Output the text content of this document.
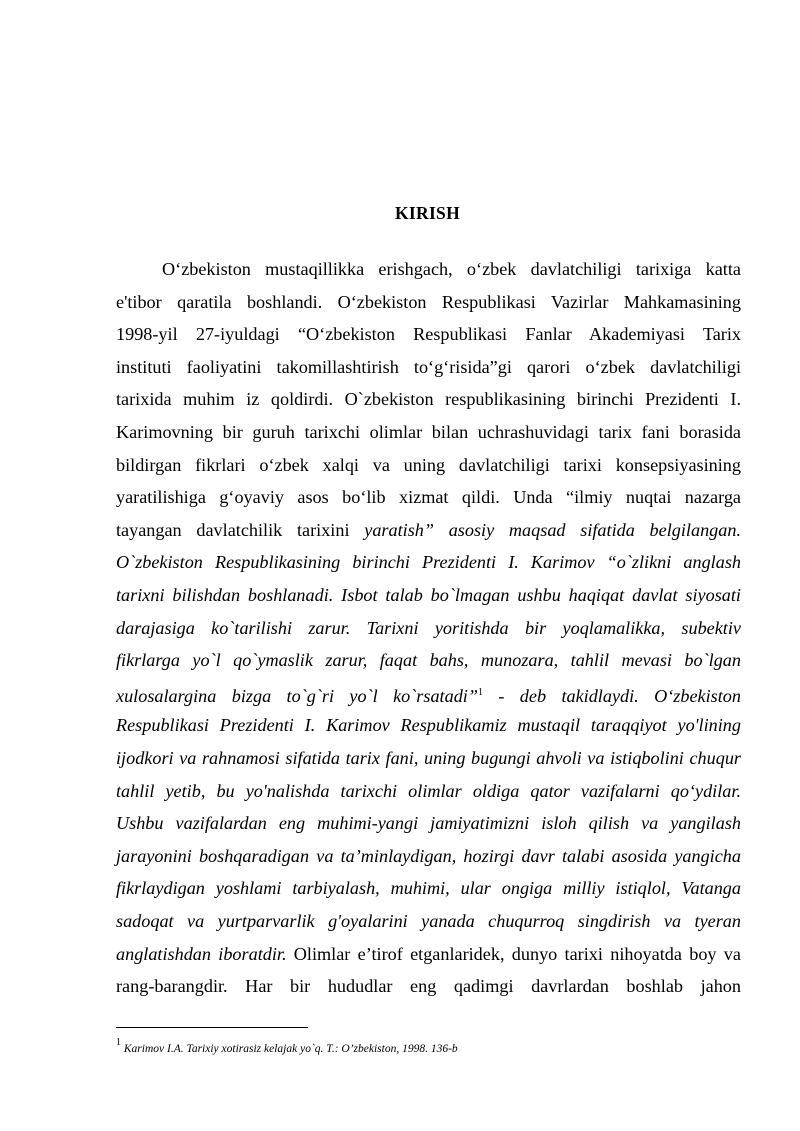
KIRISH
O‘zbekiston mustaqillikka erishgach, o‘zbek davlatchiligi tarixiga katta
e'tibor qaratila boshlandi. O‘zbekiston Respublikasi Vazirlar Mahkamasining
1998-yil 27-iyuldagi “O‘zbekiston Respublikasi Fanlar Akademiyasi Tarix
instituti faoliyatini takomillashtirish to‘g‘risida”gi qarori o‘zbek davlatchiligi
tarixida muhim iz qoldirdi. O`zbekiston respublikasining birinchi Prezidenti I.
Karimovning bir guruh tarixchi olimlar bilan uchrashuvidagi tarix fani borasida
bildirgan fikrlari o‘zbek xalqi va uning davlatchiligi tarixi konsepsiyasining
yaratilishiga g‘oyaviy asos bo‘lib xizmat qildi. Unda “ilmiy nuqtai nazarga
tayangan davlatchilik tarixini yaratish” asosiy maqsad sifatida belgilangan.
O`zbekiston Respublikasining birinchi Prezidenti I. Karimov “o`zlikni anglash
tarixni bilishdan boshlanadi. Isbot talab bo`lmagan ushbu haqiqat davlat siyosati
darajasiga ko`tarilishi zarur. Tarixni yoritishda bir yoqlamalikka, subektiv
fikrlarga yo`l qo`ymaslik zarur, faqat bahs, munozara, tahlil mevasi bo`lgan
xulosalargina bizga to`g`ri yo`l ko`rsatadi”$^1$ - deb takidlaydi. O‘zbekiston
Respublikasi Prezidenti I. Karimov Respublikamiz mustaqil taraqqiyot yo'lining
ijodkori va rahnamosi sifatida tarix fani, uning bugungi ahvoli va istiqbolini chuqur
tahlil yetib, bu yo'nalishda tarixchi olimlar oldiga qator vazifalarni qo‘ydilar.
Ushbu vazifalardan eng muhimi-yangi jamiyatimizni isloh qilish va yangilash
jarayonini boshqaradigan va ta’minlaydigan, hozirgi davr talabi asosida yangicha
fikrlaydigan yoshlami tarbiyalash, muhimi, ular ongiga milliy istiqlol, Vatanga
sadoqat va yurtparvarlik g'oyalarini yanada chuqurroq singdirish va tyeran
anglatishdan iboratdir. Olimlar e’tirof etganlaridek, dunyo tarixi nihoyatda boy va
rang-barangdir. Har bir hududlar eng qadimgi davrlardan boshlab jahon
1 Karimov I.A. Tarixiy xotirasiz kelajak yo`q. T.: O’zbekiston, 1998. 136-b
